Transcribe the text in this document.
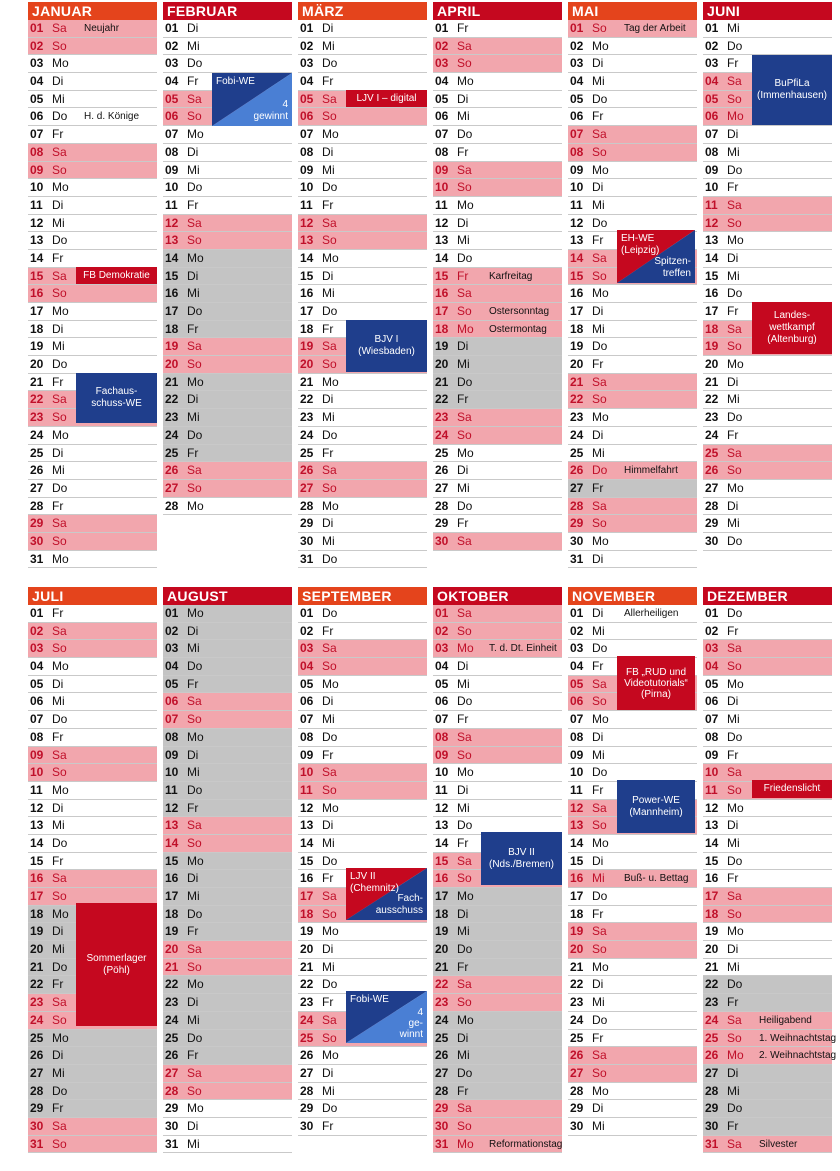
JANUAR
01 Sa Neujahr
02 So
03 Mo
04 Di
05 Mi
06 Do H. d. Könige
07 Fr
08 Sa
09 So
10 Mo
11 Di
12 Mi
13 Do
14 Fr
15 Sa
16 So
17 Mo
18 Di
19 Mi
20 Do
21 Fr
22 Sa
23 So
24 Mo
25 Di
26 Mi
27 Do
28 Fr
29 Sa
30 So
31 Mo
FEBRUAR
01 Di
02 Mi
03 Do
04 Fr
05 Sa
06 So
07 Mo
08 Di
09 Mi
10 Do
11 Fr
12 Sa
13 So
14 Mo
15 Di
16 Mi
17 Do
18 Fr
19 Sa
20 So
21 Mo
22 Di
23 Mi
24 Do
25 Fr
26 Sa
27 So
28 Mo
MÄRZ
01 Di
02 Mi
03 Do
04 Fr
05 Sa
06 So
07 Mo
08 Di
09 Mi
10 Do
11 Fr
12 Sa
13 So
14 Mo
15 Di
16 Mi
17 Do
18 Fr
19 Sa
20 So
21 Mo
22 Di
23 Mi
24 Do
25 Fr
26 Sa
27 So
28 Mo
29 Di
30 Mi
31 Do
APRIL
01 Fr
02 Sa
03 So
04 Mo
05 Di
06 Mi
07 Do
08 Fr
09 Sa
10 So
11 Mo
12 Di
13 Mi
14 Do
15 Fr Karfreitag
16 Sa
17 So Ostersonntag
18 Mo Ostermontag
19 Di
20 Mi
21 Do
22 Fr
23 Sa
24 So
25 Mo
26 Di
27 Mi
28 Do
29 Fr
30 Sa
MAI
01 So Tag der Arbeit
02 Mo
03 Di
04 Mi
05 Do
06 Fr
07 Sa
08 So
09 Mo
10 Di
11 Mi
12 Do
13 Fr
14 Sa
15 So
16 Mo
17 Di
18 Mi
19 Do
20 Fr
21 Sa
22 So
23 Mo
24 Di
25 Mi
26 Do Himmelfahrt
27 Fr
28 Sa
29 So
30 Mo
31 Di
JUNI
01 Mi
02 Do
03 Fr
04 Sa
05 So
06 Mo
07 Di
08 Mi
09 Do
10 Fr
11 Sa
12 So
13 Mo
14 Di
15 Mi
16 Do
17 Fr
18 Sa
19 So
20 Mo
21 Di
22 Mi
23 Do
24 Fr
25 Sa
26 So
27 Mo
28 Di
29 Mi
30 Do
JULI
01 Fr
02 Sa
03 So
04 Mo
05 Di
06 Mi
07 Do
08 Fr
09 Sa
10 So
11 Mo
12 Di
13 Mi
14 Do
15 Fr
16 Sa
17 So
18 Mo
19 Di
20 Mi
21 Do
22 Fr
23 Sa
24 So
25 Mo
26 Di
27 Mi
28 Do
29 Fr
30 Sa
31 So
AUGUST
01 Mo
02 Di
03 Mi
04 Do
05 Fr
06 Sa
07 So
08 Mo
09 Di
10 Mi
11 Do
12 Fr
13 Sa
14 So
15 Mo
16 Di
17 Mi
18 Do
19 Fr
20 Sa
21 So
22 Mo
23 Di
24 Mi
25 Do
26 Fr
27 Sa
28 So
29 Mo
30 Di
31 Mi
SEPTEMBER
01 Do
02 Fr
03 Sa
04 So
05 Mo
06 Di
07 Mi
08 Do
09 Fr
10 Sa
11 So
12 Mo
13 Di
14 Mi
15 Do
16 Fr
17 Sa
18 So
19 Mo
20 Di
21 Mi
22 Do
23 Fr
24 Sa
25 So
26 Mo
27 Di
28 Mi
29 Do
30 Fr
OKTOBER
01 Sa
02 So
03 Mo T. d. Dt. Einheit
04 Di
05 Mi
06 Do
07 Fr
08 Sa
09 So
10 Mo
11 Di
12 Mi
13 Do
14 Fr
15 Sa
16 So
17 Mo
18 Di
19 Mi
20 Do
21 Fr
22 Sa
23 So
24 Mo
25 Di
26 Mi
27 Do
28 Fr
29 Sa
30 So
31 Mo Reformationstag
NOVEMBER
01 Di Allerheiligen
02 Mi
03 Do
04 Fr
05 Sa
06 So
07 Mo
08 Di
09 Mi
10 Do
11 Fr
12 Sa
13 So
14 Mo
15 Di
16 Mi Buß- u. Bettag
17 Do
18 Fr
19 Sa
20 So
21 Mo
22 Di
23 Mi
24 Do
25 Fr
26 Sa
27 So
28 Mo
29 Di
30 Mi
DEZEMBER
01 Do
02 Fr
03 Sa
04 So
05 Mo
06 Di
07 Mi
08 Do
09 Fr
10 Sa
11 So
12 Mo
13 Di
14 Mi
15 Do
16 Fr
17 Sa
18 So
19 Mo
20 Di
21 Mi
22 Do
23 Fr
24 Sa Heiligabend
25 So 1. Weihnachtstag
26 Mo 2. Weihnachtstag
27 Di
28 Mi
29 Do
30 Fr
31 Sa Silvester
FB Demokratie
Fachaus-
schuss-WE
Fobi-WE
4
gewinnt
LJV I – digital
BJV I
(Wiesbaden)
EH-WE
(Leipzig)
Spitzen-
treffen
BuPfiLa
(Immenhausen)
Landes-
wettkampf
(Altenburg)
Sommerlager
(Pöhl)
LJV II
(Chemnitz)
Fach-
ausschuss
Fobi-WE
4
ge-
winnt
BJV II
(Nds./Bremen)
FB „RUD und
Videotutorials“
(Pirna)
Power-WE
(Mannheim)
Friedenslicht
